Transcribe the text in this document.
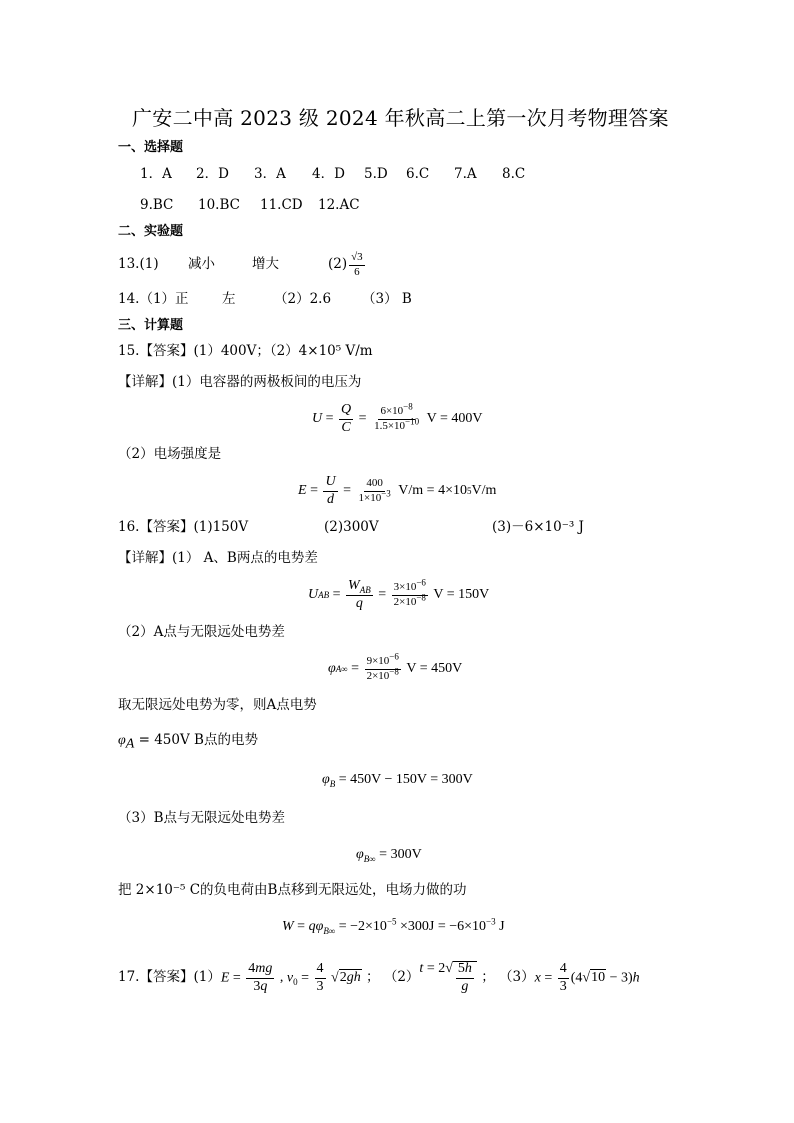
广安二中高 2023 级 2024 年秋高二上第一次月考物理答案
一、选择题
1．A 2．D 3．A 4．D 5.D 6.C 7.A 8.C
9.BC 10.BC 11.CD 12.AC
二、实验题
13.(1)	减小	增大	$(2) \frac{√3}{6}$
14.（1）正 左	（2）2.6 （3） B
三、计算题
15.【答案】(1）400V；（2）4×10⁵ V/m
【详解】(1）电容器的两极板间的电压为
$U = \frac{Q}{C} = \frac{6\times 10^{-8}}{1.5\times 10^{-10}}$ V = 400V
（2）电场强度是
$E = \frac{U}{d} = \frac{400}{1\times 10^{-3}} V/m = 4\times 10$ 5 V/m
16.【答案】(1)150V	(2)300V	(3)－6×10⁻³ J
【详解】(1） A、B两点的电势差
U AB = $\frac{W_{AB}}{q} = \frac{3\times 10^{-6}}{2\times 10^{-8}}$ V = 150V
（2）A点与无限远处电势差
φ $A\infty = \frac{9\times 10^{-6}}{2\times 10^{-8}}$ V = 450V
取无限远处电势为零，则A点电势
$\varphi_A = 450V$ B点的电势
$\varphi_B = 450V - 150V = 300V$
（3）B点与无限远处电势差
$\varphi_{B\infty} = 300V$
把 2×10⁻⁵ C的负电荷由B点移到无限远处，电场力做的功
$W = q\varphi_{B\infty} = -2\times 10^{-5} \times 300J = -6\times 10^{-3}$ J
17.【答案】(1） $E = \frac{4mg}{3q}$ , $v_0 = \frac{4}{3} √2gh$ ； （2）
$t = 2√ \frac{5h}{g}$ ； （3） $x = \frac{4}{3} (4√10 - 3)h$
